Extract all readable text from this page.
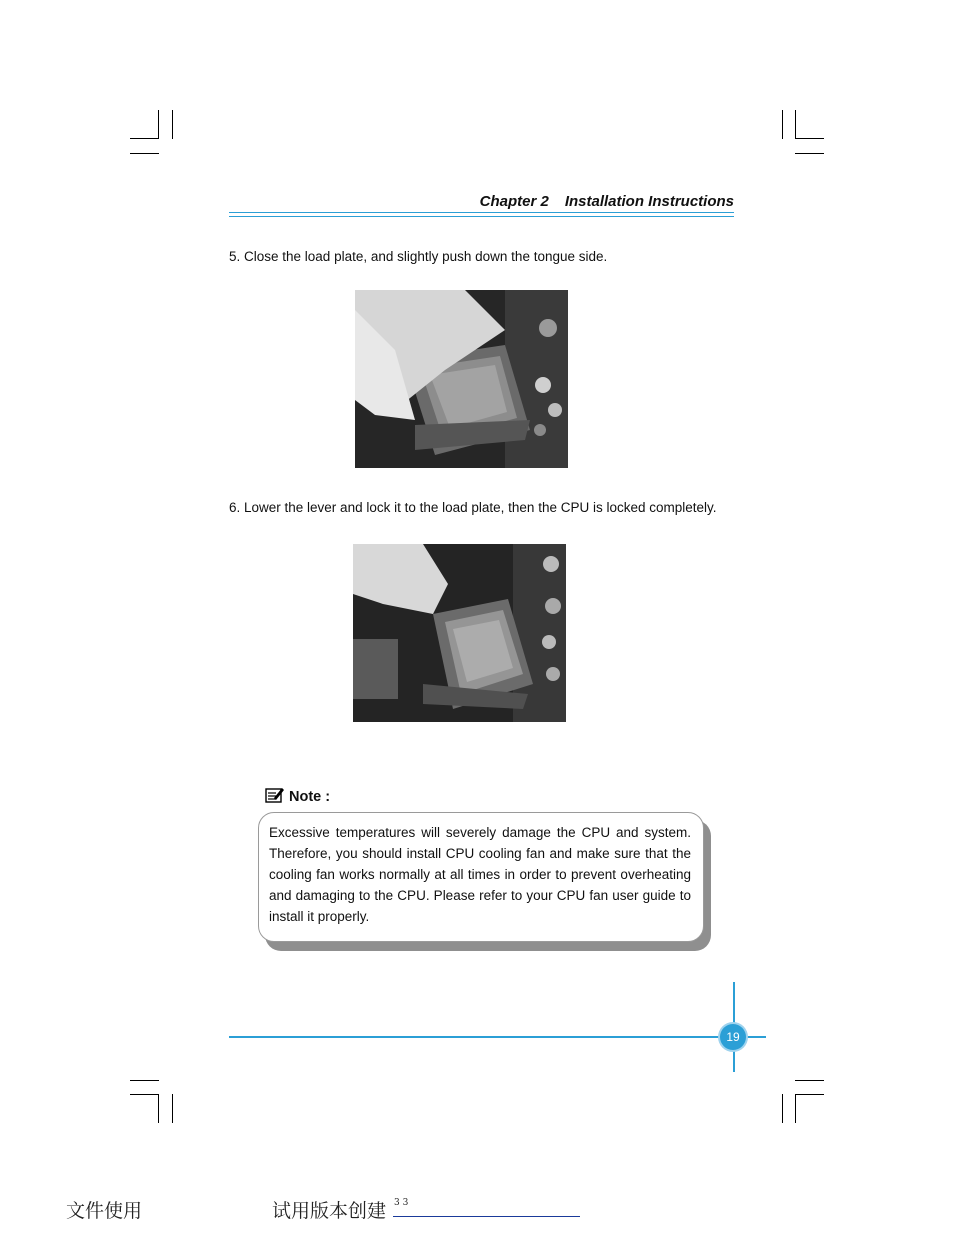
Chapter 2 Installation Instructions
5. Close the load plate, and slightly push down the tongue side.
6. Lower the lever and lock it to the load plate, then the CPU is locked completely.
Note :
Excessive temperatures will severely damage the CPU and system. Therefore, you should install CPU cooling fan and make sure that the cooling fan works normally at all times in order to prevent overheating and damaging to the CPU. Please refer to your CPU fan user guide to install it properly.
19
文件使用	试用版本创建 3 3
